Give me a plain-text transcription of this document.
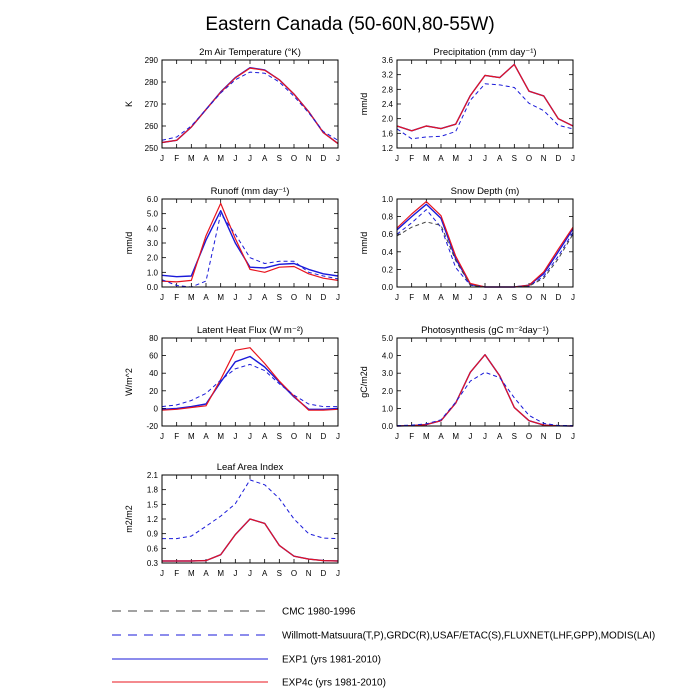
Eastern Canada (50-60N,80-55W)
2m Air Temperature (°K)
K
250
260
270
280
290
J F M A M J J A S O N D J
Precipitation (mm day⁻¹)
mm/d
1.2
1.6
2.0
2.4
2.8
3.2
3.6
J F M A M J J A S O N D J
Runoff (mm day⁻¹)
mm/d
0.0
1.0
2.0
3.0
4.0
5.0
6.0
J F M A M J J A S O N D J
Snow Depth (m)
mm/d
0.0
0.2
0.4
0.6
0.8
1.0
J F M A M J J A S O N D J
Latent Heat Flux (W m⁻²)
W/m^2
-20
0
20
40
60
80
J F M A M J J A S O N D J
Photosynthesis (gC m⁻²day⁻¹)
gC/m2d
0.0
1.0
2.0
3.0
4.0
5.0
J F M A M J J A S O N D J
Leaf Area Index
m2/m2
0.3
0.6
0.9
1.2
1.5
1.8
2.1
J F M A M J J A S O N D J
CMC 1980-1996
Willmott-Matsuura(T,P),GRDC(R),USAF/ETAC(S),FLUXNET(LHF,GPP),MODIS(LAI)
EXP1 (yrs 1981-2010)
EXP4c (yrs 1981-2010)
